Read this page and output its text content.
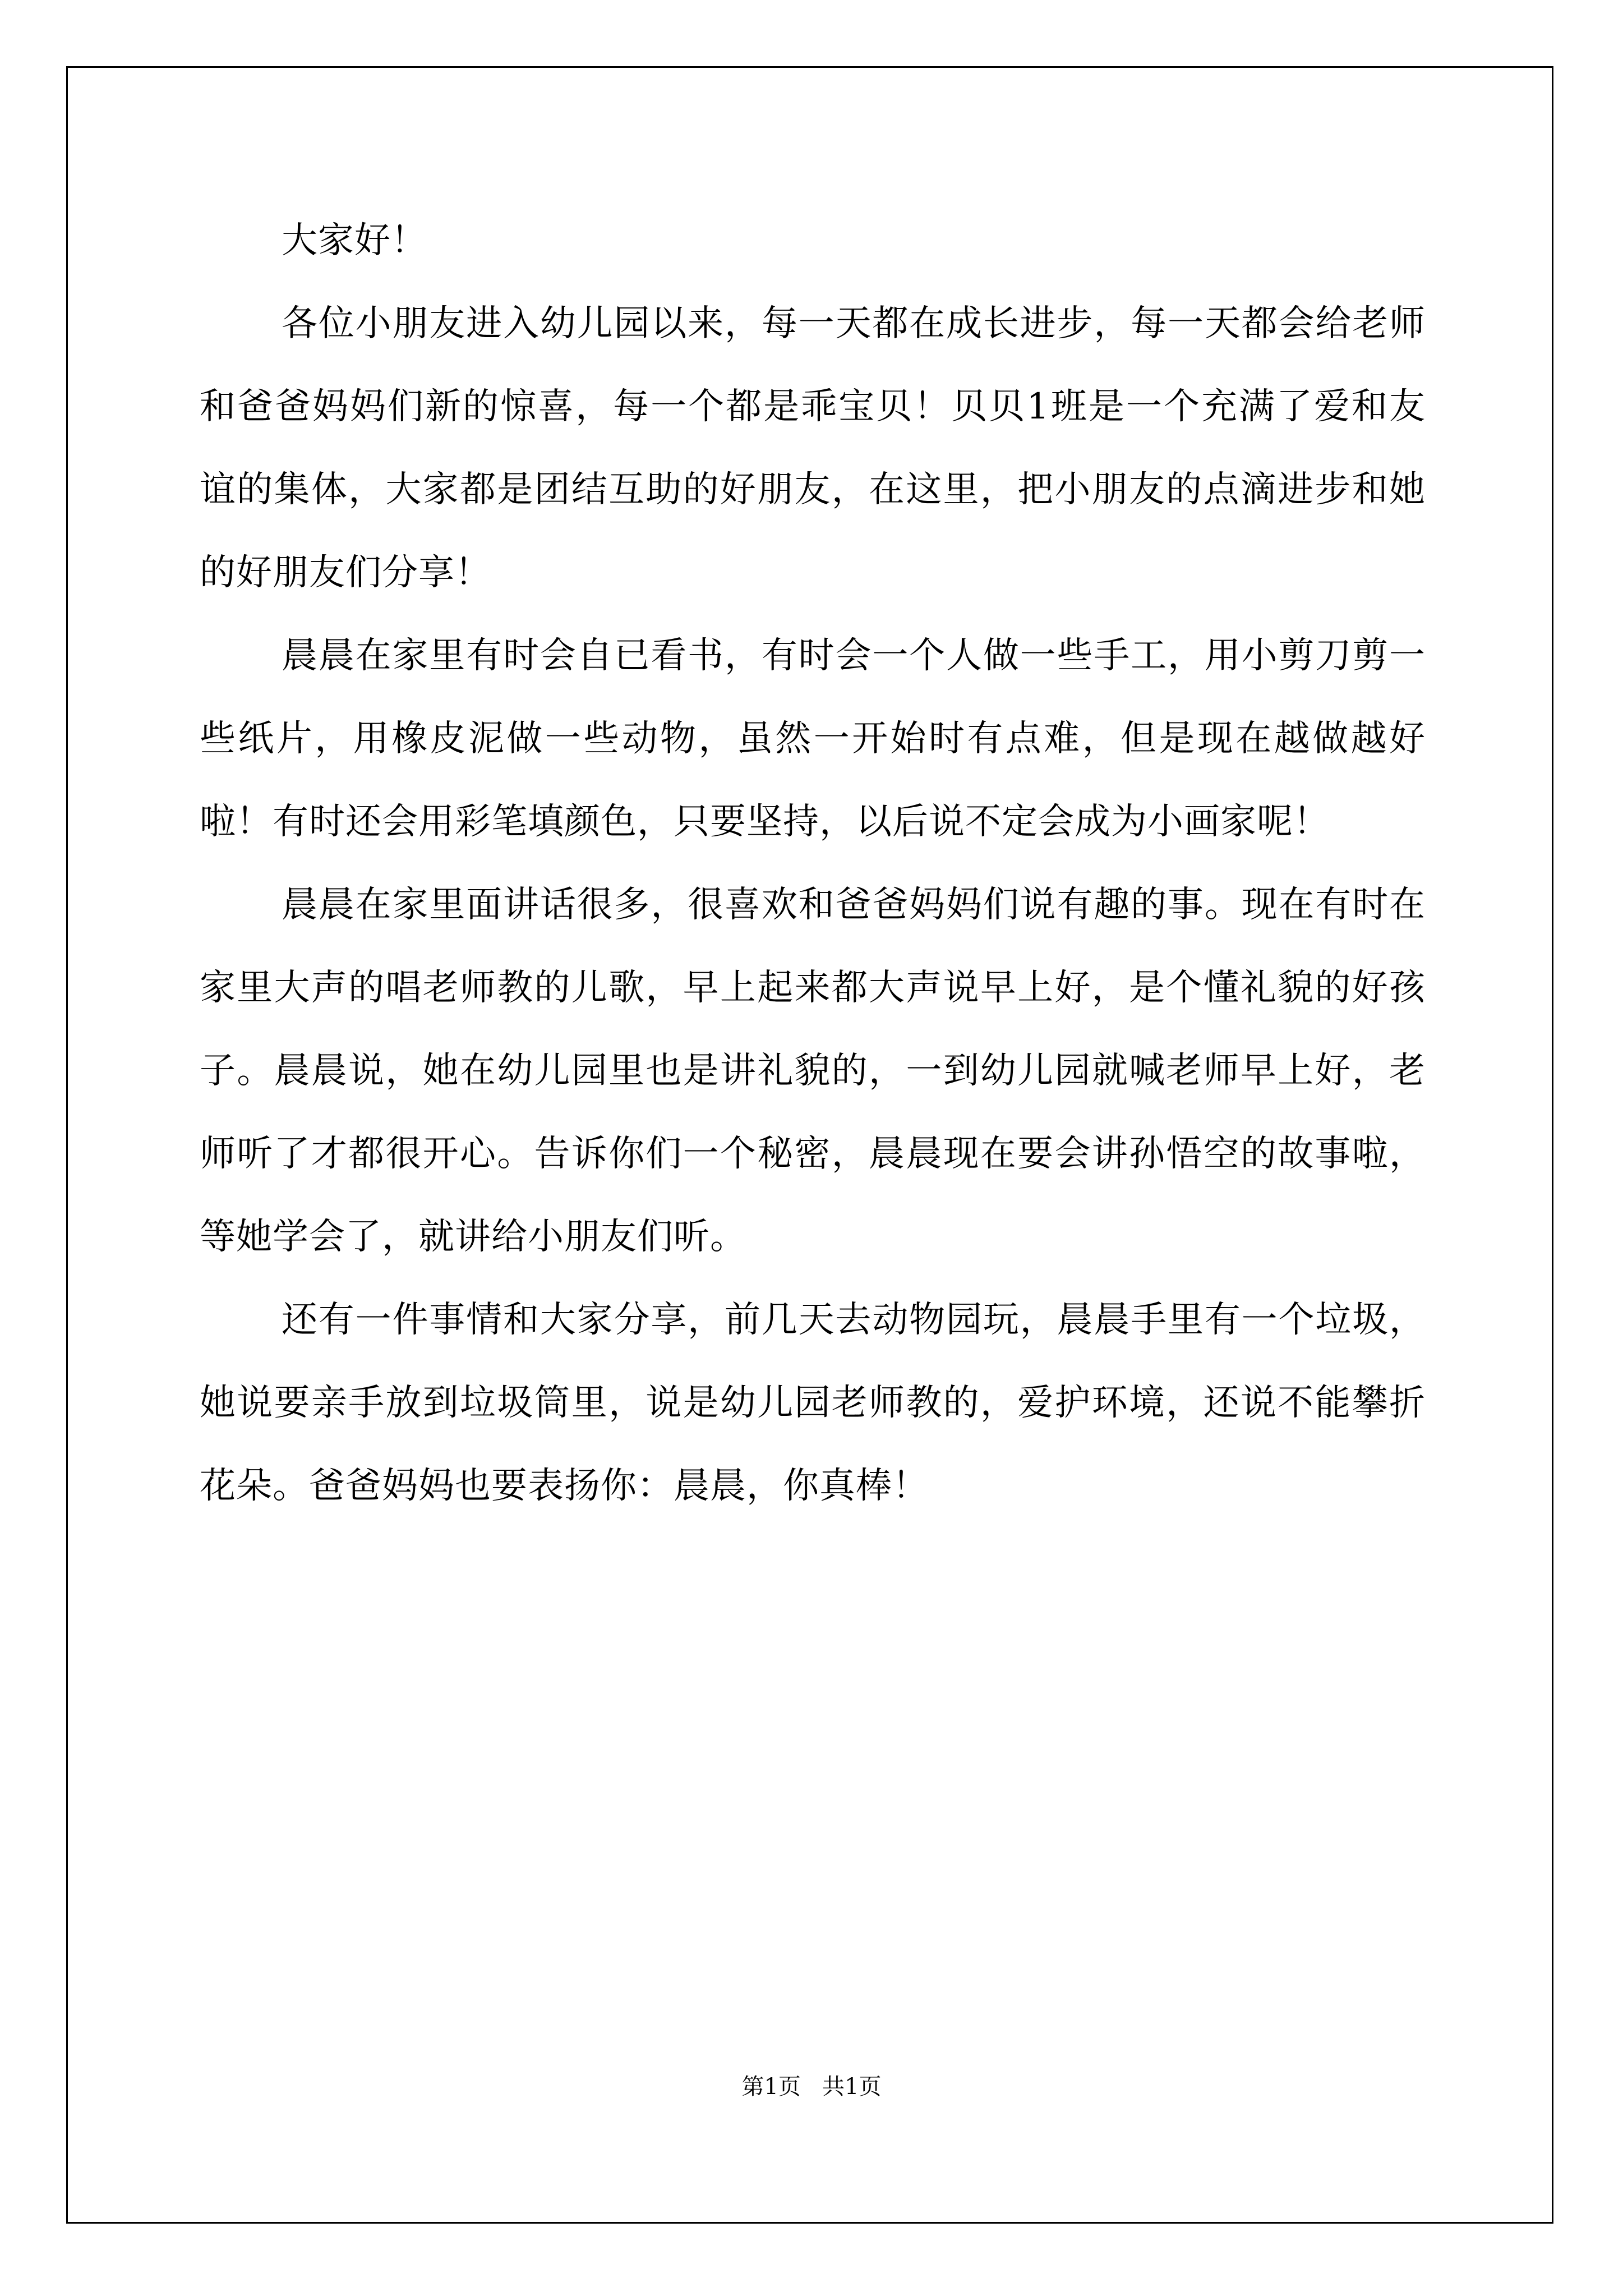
大家好！

各位小朋友进入幼儿园以来，每一天都在成长进步，每一天都会给老师和爸爸妈妈们新的惊喜，每一个都是乖宝贝！贝贝1班是一个充满了爱和友谊的集体，大家都是团结互助的好朋友，在这里，把小朋友的点滴进步和她的好朋友们分享！

晨晨在家里有时会自已看书，有时会一个人做一些手工，用小剪刀剪一些纸片，用橡皮泥做一些动物，虽然一开始时有点难，但是现在越做越好啦！有时还会用彩笔填颜色，只要坚持，以后说不定会成为小画家呢！

晨晨在家里面讲话很多，很喜欢和爸爸妈妈们说有趣的事。现在有时在家里大声的唱老师教的儿歌，早上起来都大声说早上好，是个懂礼貌的好孩子。晨晨说，她在幼儿园里也是讲礼貌的，一到幼儿园就喊老师早上好，老师听了才都很开心。告诉你们一个秘密，晨晨现在要会讲孙悟空的故事啦，等她学会了，就讲给小朋友们听。

还有一件事情和大家分享，前几天去动物园玩，晨晨手里有一个垃圾，她说要亲手放到垃圾筒里，说是幼儿园老师教的，爱护环境，还说不能攀折花朵。爸爸妈妈也要表扬你：晨晨，你真棒！

第1页   共1页
